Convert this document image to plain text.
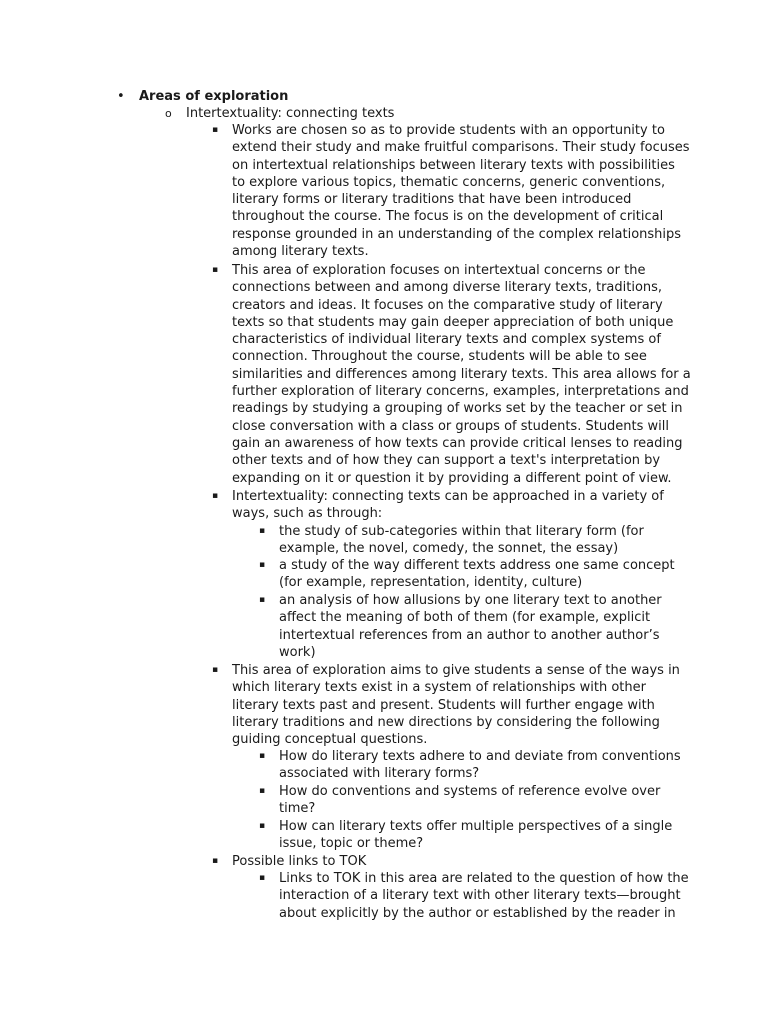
• Areas of exploration
o Intertextuality: connecting texts
▪ Works are chosen so as to provide students with an opportunity to
extend their study and make fruitful comparisons. Their study focuses
on intertextual relationships between literary texts with possibilities
to explore various topics, thematic concerns, generic conventions,
literary forms or literary traditions that have been introduced
throughout the course. The focus is on the development of critical
response grounded in an understanding of the complex relationships
among literary texts.
▪ This area of exploration focuses on intertextual concerns or the
connections between and among diverse literary texts, traditions,
creators and ideas. It focuses on the comparative study of literary
texts so that students may gain deeper appreciation of both unique
characteristics of individual literary texts and complex systems of
connection. Throughout the course, students will be able to see
similarities and differences among literary texts. This area allows for a
further exploration of literary concerns, examples, interpretations and
readings by studying a grouping of works set by the teacher or set in
close conversation with a class or groups of students. Students will
gain an awareness of how texts can provide critical lenses to reading
other texts and of how they can support a text's interpretation by
expanding on it or question it by providing a different point of view.
▪ Intertextuality: connecting texts can be approached in a variety of
ways, such as through:
▪ the study of sub-categories within that literary form (for
example, the novel, comedy, the sonnet, the essay)
▪ a study of the way different texts address one same concept
(for example, representation, identity, culture)
▪ an analysis of how allusions by one literary text to another
affect the meaning of both of them (for example, explicit
intertextual references from an author to another author’s
work)
▪ This area of exploration aims to give students a sense of the ways in
which literary texts exist in a system of relationships with other
literary texts past and present. Students will further engage with
literary traditions and new directions by considering the following
guiding conceptual questions.
▪ How do literary texts adhere to and deviate from conventions
associated with literary forms?
▪ How do conventions and systems of reference evolve over
time?
▪ How can literary texts offer multiple perspectives of a single
issue, topic or theme?
▪ Possible links to TOK
▪ Links to TOK in this area are related to the question of how the
interaction of a literary text with other literary texts—brought
about explicitly by the author or established by the reader in
